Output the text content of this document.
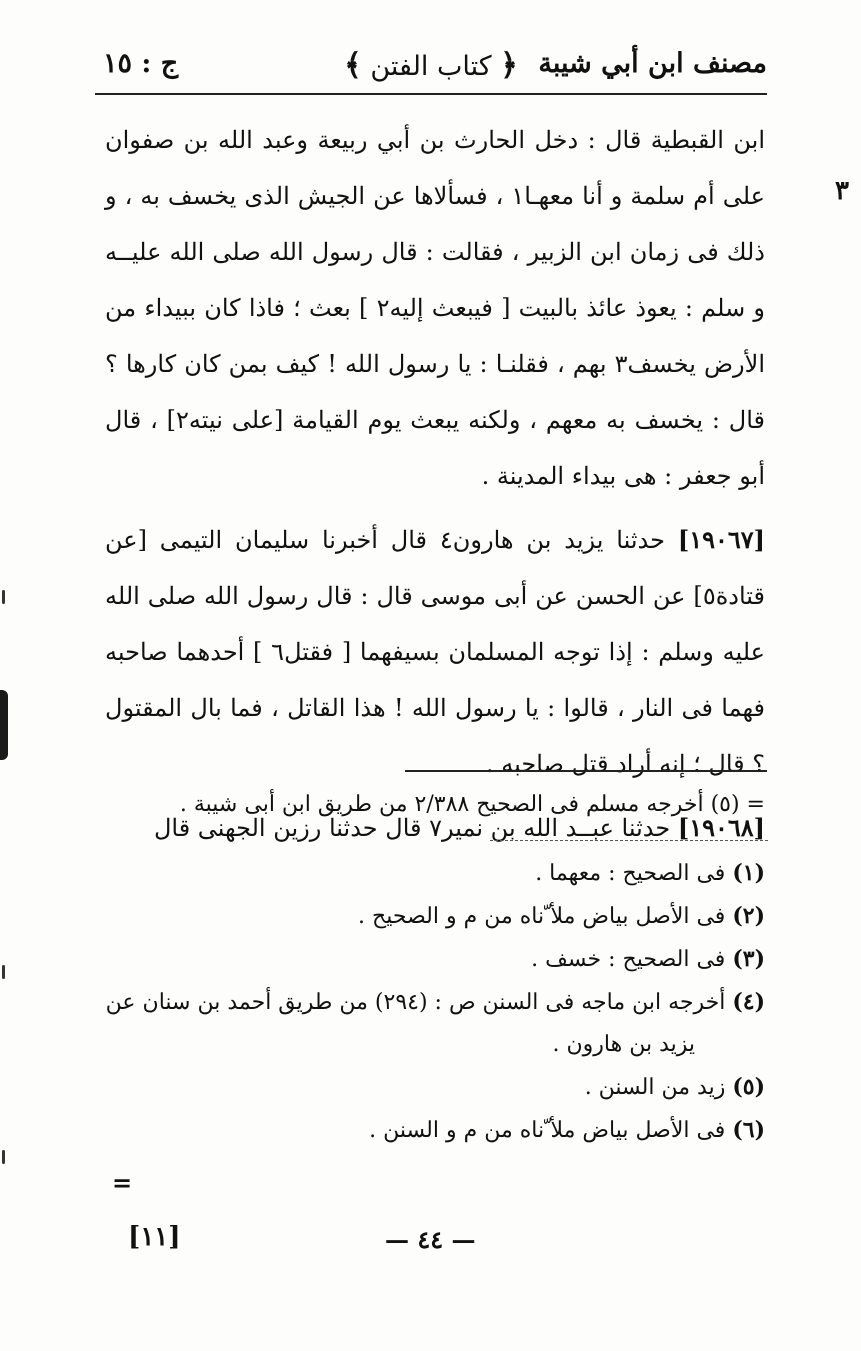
مصنف ابن أبي شيبة
﴿ كتاب الفتن ﴾
ج : ١٥
٣

ابن القبطية قال : دخل الحارث بن أبي ربيعة وعبد الله بن صفوان على أم سلمة و أنا معهـا١ ، فسألاها عن الجيش الذى يخسف به ، و ذلك فى زمان ابن الزبير ، فقالت : قال رسول الله صلى الله عليــه و سلم : يعوذ عائذ بالبيت [ فيبعث إليه٢ ] بعث ؛ فاذا كان ببيداء من الأرض يخسف٣ بهم ، فقلنـا : يا رسول الله ! كيف بمن كان كارها ؟ قال : يخسف به معهم ، ولكنه يبعث يوم القيامة [على نيته٢] ، قال أبو جعفر : هى بيداء المدينة .

[١٩٠٦٧] حدثنا يزيد بن هارون٤ قال أخبرنا سليمان التيمى [عن قتادة٥] عن الحسن عن أبى موسى قال : قال رسول الله صلى الله عليه وسلم : إذا توجه المسلمان بسيفهما [ فقتل٦ ] أحدهما صاحبه فهما فى النار ، قالوا : يا رسول الله ! هذا القاتل ، فما بال المقتول ؟ قال ؛ إنه أراد قتل صاحبه .

[١٩٠٦٨] حدثنا عبــد الله بن نمير٧ قال حدثنا رزين الجهنى قال

= (٥) أخرجه مسلم فى الصحيح ٢/٣٨٨ من طريق ابن أبى شيبة .

(١) فى الصحيح : معهما .

(٢) فى الأصل بياض ملأ ّناه من م و الصحيح .

(٣) فى الصحيح : خسف .

(٤) أخرجه ابن ماجه فى السنن ص : (٢٩٤) من طريق أحمد بن سنان عن

يزيد بن هارون .

(٥) زيد من السنن .

(٦) فى الأصل بياض ملأ ّناه من م و السنن .

=
— ٤٤ —
[١١]
